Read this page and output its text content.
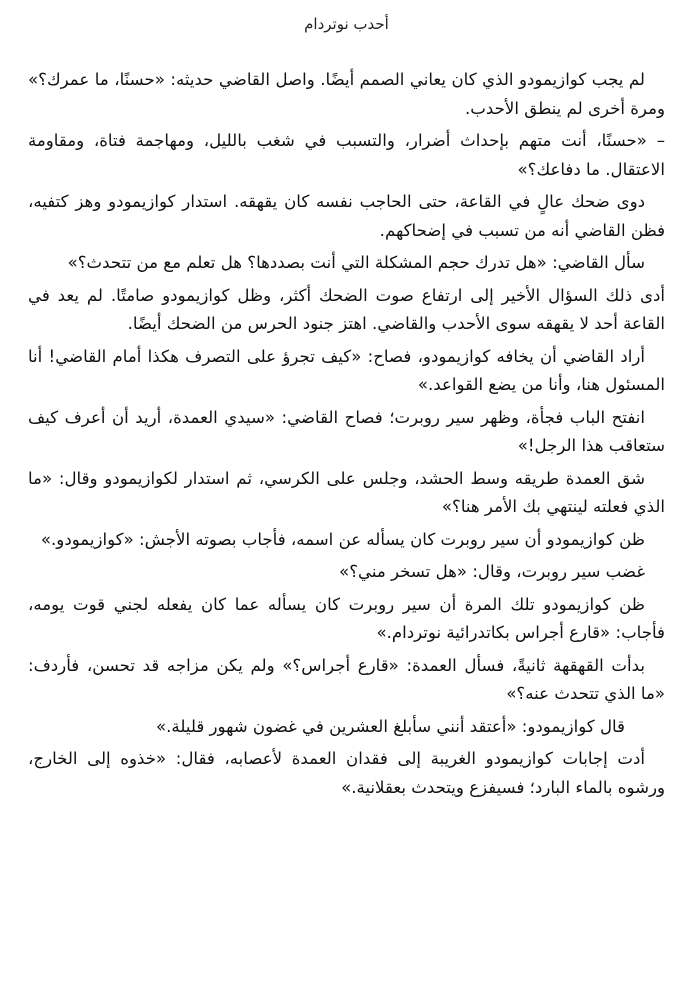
أحدب نوتردام

لم يجب كوازيمودو الذي كان يعاني الصمم أيضًا. واصل القاضي حديثه: «حسنًا، ما عمرك؟» ومرة أخرى لم ينطق الأحدب.

– «حسنًا، أنت متهم بإحداث أضرار، والتسبب في شغب بالليل، ومهاجمة فتاة، ومقاومة الاعتقال. ما دفاعك؟»

دوى ضحك عالٍ في القاعة، حتى الحاجب نفسه كان يقهقه. استدار كوازيمودو وهز كتفيه، فظن القاضي أنه من تسبب في إضحاكهم.

سأل القاضي: «هل تدرك حجم المشكلة التي أنت بصددها؟ هل تعلم مع من تتحدث؟»

أدى ذلك السؤال الأخير إلى ارتفاع صوت الضحك أكثر، وظل كوازيمودو صامتًا. لم يعد في القاعة أحد لا يقهقه سوى الأحدب والقاضي. اهتز جنود الحرس من الضحك أيضًا.

أراد القاضي أن يخافه كوازيمودو، فصاح: «كيف تجرؤ على التصرف هكذا أمام القاضي! أنا المسئول هنا، وأنا من يضع القواعد.»

انفتح الباب فجأة، وظهر سير روبرت؛ فصاح القاضي: «سيدي العمدة، أريد أن أعرف كيف ستعاقب هذا الرجل!»

شق العمدة طريقه وسط الحشد، وجلس على الكرسي، ثم استدار لكوازيمودو وقال: «ما الذي فعلته لينتهي بك الأمر هنا؟»

ظن كوازيمودو أن سير روبرت كان يسأله عن اسمه، فأجاب بصوته الأجش: «كوازيمودو.»

غضب سير روبرت، وقال: «هل تسخر مني؟»

ظن كوازيمودو تلك المرة أن سير روبرت كان يسأله عما كان يفعله لجني قوت يومه، فأجاب: «قارع أجراس بكاتدرائية نوتردام.»

بدأت القهقهة ثانيةً، فسأل العمدة: «قارع أجراس؟» ولم يكن مزاجه قد تحسن، فأردف: «ما الذي تتحدث عنه؟»

قال كوازيمودو: «أعتقد أنني سأبلغ العشرين في غضون شهور قليلة.»

أدت إجابات كوازيمودو الغريبة إلى فقدان العمدة لأعصابه، فقال: «خذوه إلى الخارج، ورشوه بالماء البارد؛ فسيفزع ويتحدث بعقلانية.»
